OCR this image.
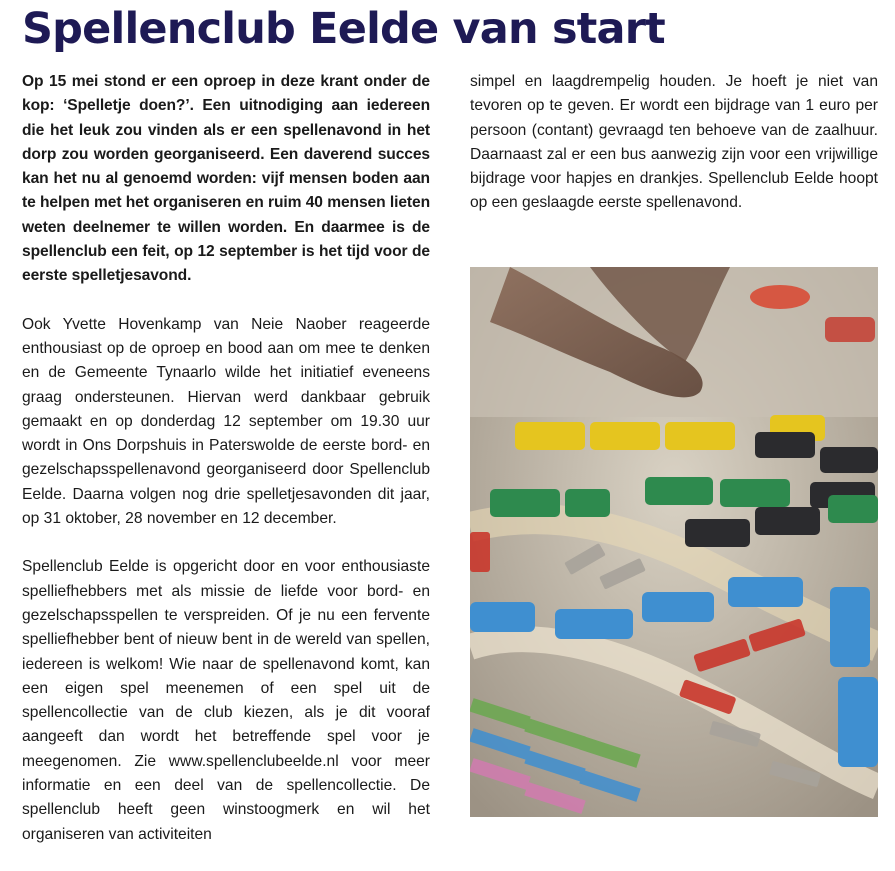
Spellenclub Eelde van start

Op 15 mei stond er een oproep in deze krant onder de kop: ‘Spelletje doen?’. Een uitnodiging aan iedereen die het leuk zou vinden als er een spellenavond in het dorp zou worden georganiseerd. Een daverend succes kan het nu al genoemd worden: vijf mensen boden aan te helpen met het organiseren en ruim 40 mensen lieten weten deelnemer te willen worden. En daarmee is de spellenclub een feit, op 12 september is het tijd voor de eerste spelletjesavond.

Ook Yvette Hovenkamp van Neie Naober reageerde enthousiast op de oproep en bood aan om mee te denken en de Gemeente Tynaarlo wilde het initiatief eveneens graag ondersteunen. Hiervan werd dankbaar gebruik gemaakt en op donderdag 12 september om 19.30 uur wordt in Ons Dorpshuis in Paterswolde de eerste bord- en gezelschapsspellenavond georganiseerd door Spellenclub Eelde. Daarna volgen nog drie spelletjesavonden dit jaar, op 31 oktober, 28 november en 12 december.

Spellenclub Eelde is opgericht door en voor enthousiaste spelliefhebbers met als missie de liefde voor bord- en gezelschapsspellen te verspreiden. Of je nu een fervente spelliefhebber bent of nieuw bent in de wereld van spellen, iedereen is welkom! Wie naar de spellenavond komt, kan een eigen spel meenemen of een spel uit de spellencollectie van de club kiezen, als je dit vooraf aangeeft dan wordt het betreffende spel voor je meegenomen. Zie www.spellenclubeelde.nl voor meer informatie en een deel van de spellencollectie. De spellenclub heeft geen winstoogmerk en wil het organiseren van activiteiten

simpel en laagdrempelig houden. Je hoeft je niet van tevoren op te geven. Er wordt een bijdrage van 1 euro per persoon (contant) gevraagd ten behoeve van de zaalhuur. Daarnaast zal er een bus aanwezig zijn voor een vrijwillige bijdrage voor hapjes en drankjes. Spellenclub Eelde hoopt op een geslaagde eerste spellenavond.
